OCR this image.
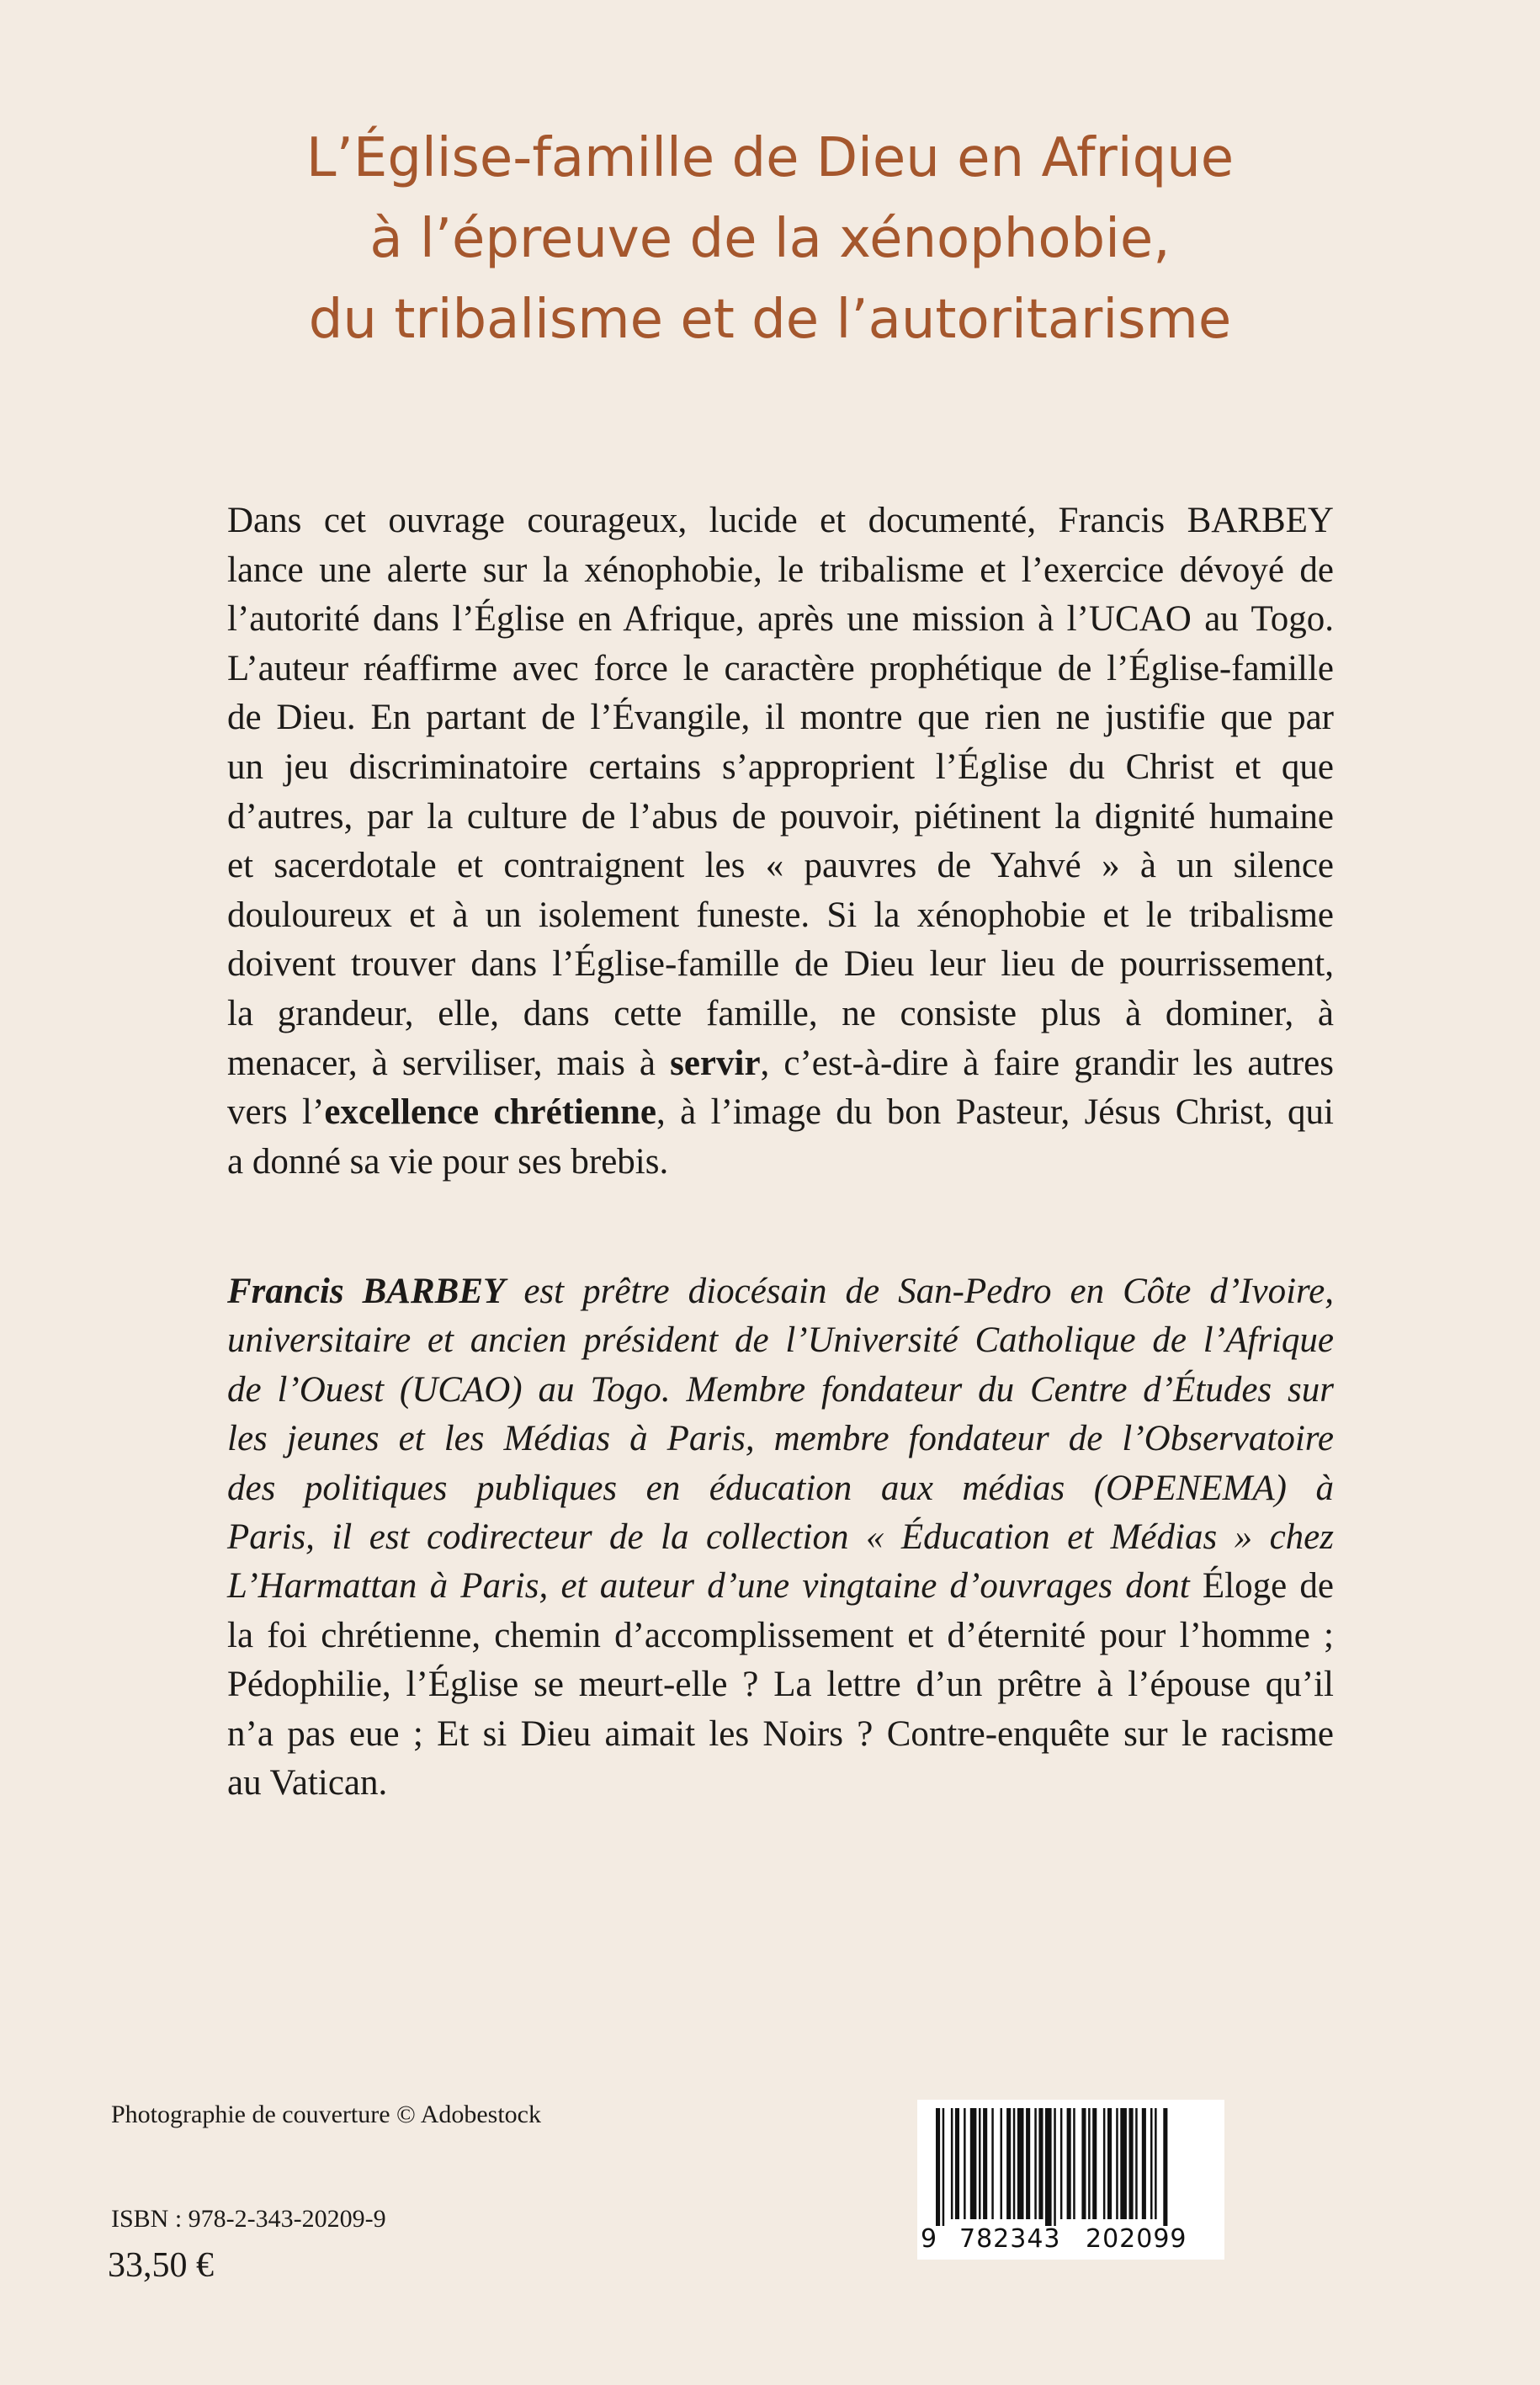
L’Église-famille de Dieu en Afrique
à l’épreuve de la xénophobie,
du tribalisme et de l’autoritarisme

Dans cet ouvrage courageux, lucide et documenté, Francis BARBEY
lance une alerte sur la xénophobie, le tribalisme et l’exercice dévoyé de
l’autorité dans l’Église en Afrique, après une mission à l’UCAO au Togo.
L’auteur réaffirme avec force le caractère prophétique de l’Église-famille
de Dieu. En partant de l’Évangile, il montre que rien ne justifie que par
un jeu discriminatoire certains s’approprient l’Église du Christ et que
d’autres, par la culture de l’abus de pouvoir, piétinent la dignité humaine
et sacerdotale et contraignent les « pauvres de Yahvé » à un silence
douloureux et à un isolement funeste. Si la xénophobie et le tribalisme
doivent trouver dans l’Église-famille de Dieu leur lieu de pourrissement,
la grandeur, elle, dans cette famille, ne consiste plus à dominer, à
menacer, à serviliser, mais à servir, c’est-à-dire à faire grandir les autres
vers l’excellence chrétienne, à l’image du bon Pasteur, Jésus Christ, qui
a donné sa vie pour ses brebis.

Francis BARBEY est prêtre diocésain de San-Pedro en Côte d’Ivoire,
universitaire et ancien président de l’Université Catholique de l’Afrique
de l’Ouest (UCAO) au Togo. Membre fondateur du Centre d’Études sur
les jeunes et les Médias à Paris, membre fondateur de l’Observatoire
des politiques publiques en éducation aux médias (OPENEMA) à
Paris, il est codirecteur de la collection « Éducation et Médias » chez
L’Harmattan à Paris, et auteur d’une vingtaine d’ouvrages dont Éloge de
la foi chrétienne, chemin d’accomplissement et d’éternité pour l’homme ;
Pédophilie, l’Église se meurt-elle ? La lettre d’un prêtre à l’épouse qu’il
n’a pas eue ; Et si Dieu aimait les Noirs ? Contre-enquête sur le racisme
au Vatican.

Photographie de couverture © Adobestock

ISBN : 978-2-343-20209-9

33,50 €

9 782343 202099
